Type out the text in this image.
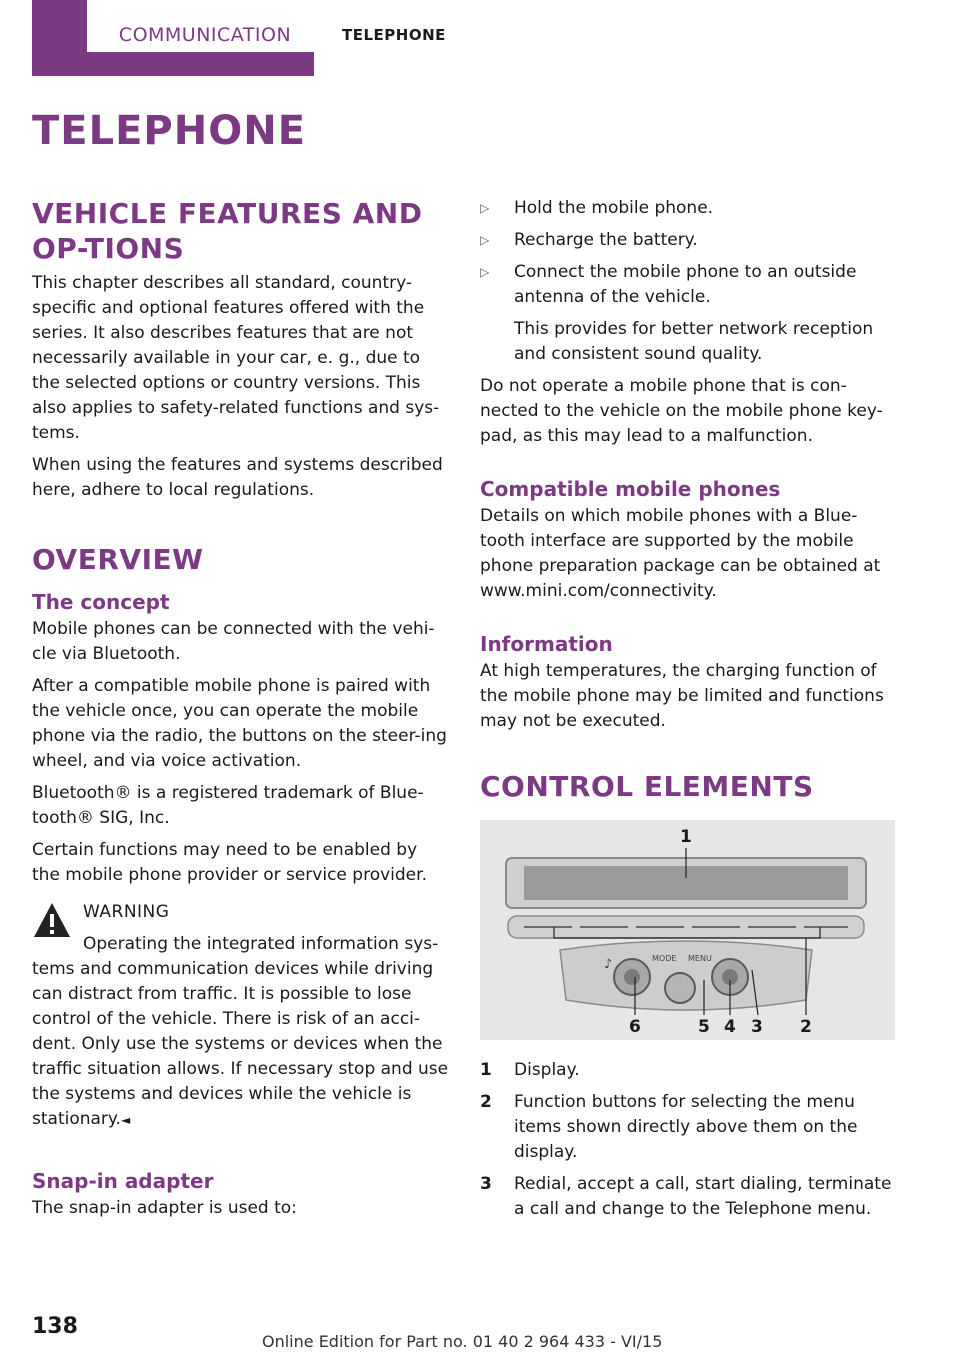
COMMUNICATION	TELEPHONE
TELEPHONE
VEHICLE FEATURES AND OP-TIONS

This chapter describes all standard, country-specific and optional features offered with the series. It also describes features that are not necessarily available in your car, e. g., due to the selected options or country versions. This also applies to safety-related functions and sys-tems.

When using the features and systems described here, adhere to local regulations.

OVERVIEW
The concept

Mobile phones can be connected with the vehi-cle via Bluetooth.

After a compatible mobile phone is paired with the vehicle once, you can operate the mobile phone via the radio, the buttons on the steer-ing wheel, and via voice activation.

Bluetooth® is a registered trademark of Blue-tooth® SIG, Inc.

Certain functions may need to be enabled by the mobile phone provider or service provider.

WARNING

Operating the integrated information sys-tems and communication devices while driving can distract from traffic. It is possible to lose control of the vehicle. There is risk of an acci-dent. Only use the systems or devices when the traffic situation allows. If necessary stop and use the systems and devices while the vehicle is stationary.◄

Snap-in adapter

The snap-in adapter is used to:

▷ Hold the mobile phone.
▷ Recharge the battery.
▷ Connect the mobile phone to an outside antenna of the vehicle.
This provides for better network reception and consistent sound quality.

Do not operate a mobile phone that is con-nected to the vehicle on the mobile phone key-pad, as this may lead to a malfunction.

Compatible mobile phones

Details on which mobile phones with a Blue-tooth interface are supported by the mobile phone preparation package can be obtained at www.mini.com/connectivity.

Information

At high temperatures, the charging function of the mobile phone may be limited and functions may not be executed.

CONTROL ELEMENTS
MODE MENU
♪
1
6	5 4 3 2
1 Display.
2 Function buttons for selecting the menu items shown directly above them on the display.
3 Redial, accept a call, start dialing, terminate a call and change to the Telephone menu.
138
Online Edition for Part no. 01 40 2 964 433 - VI/15
